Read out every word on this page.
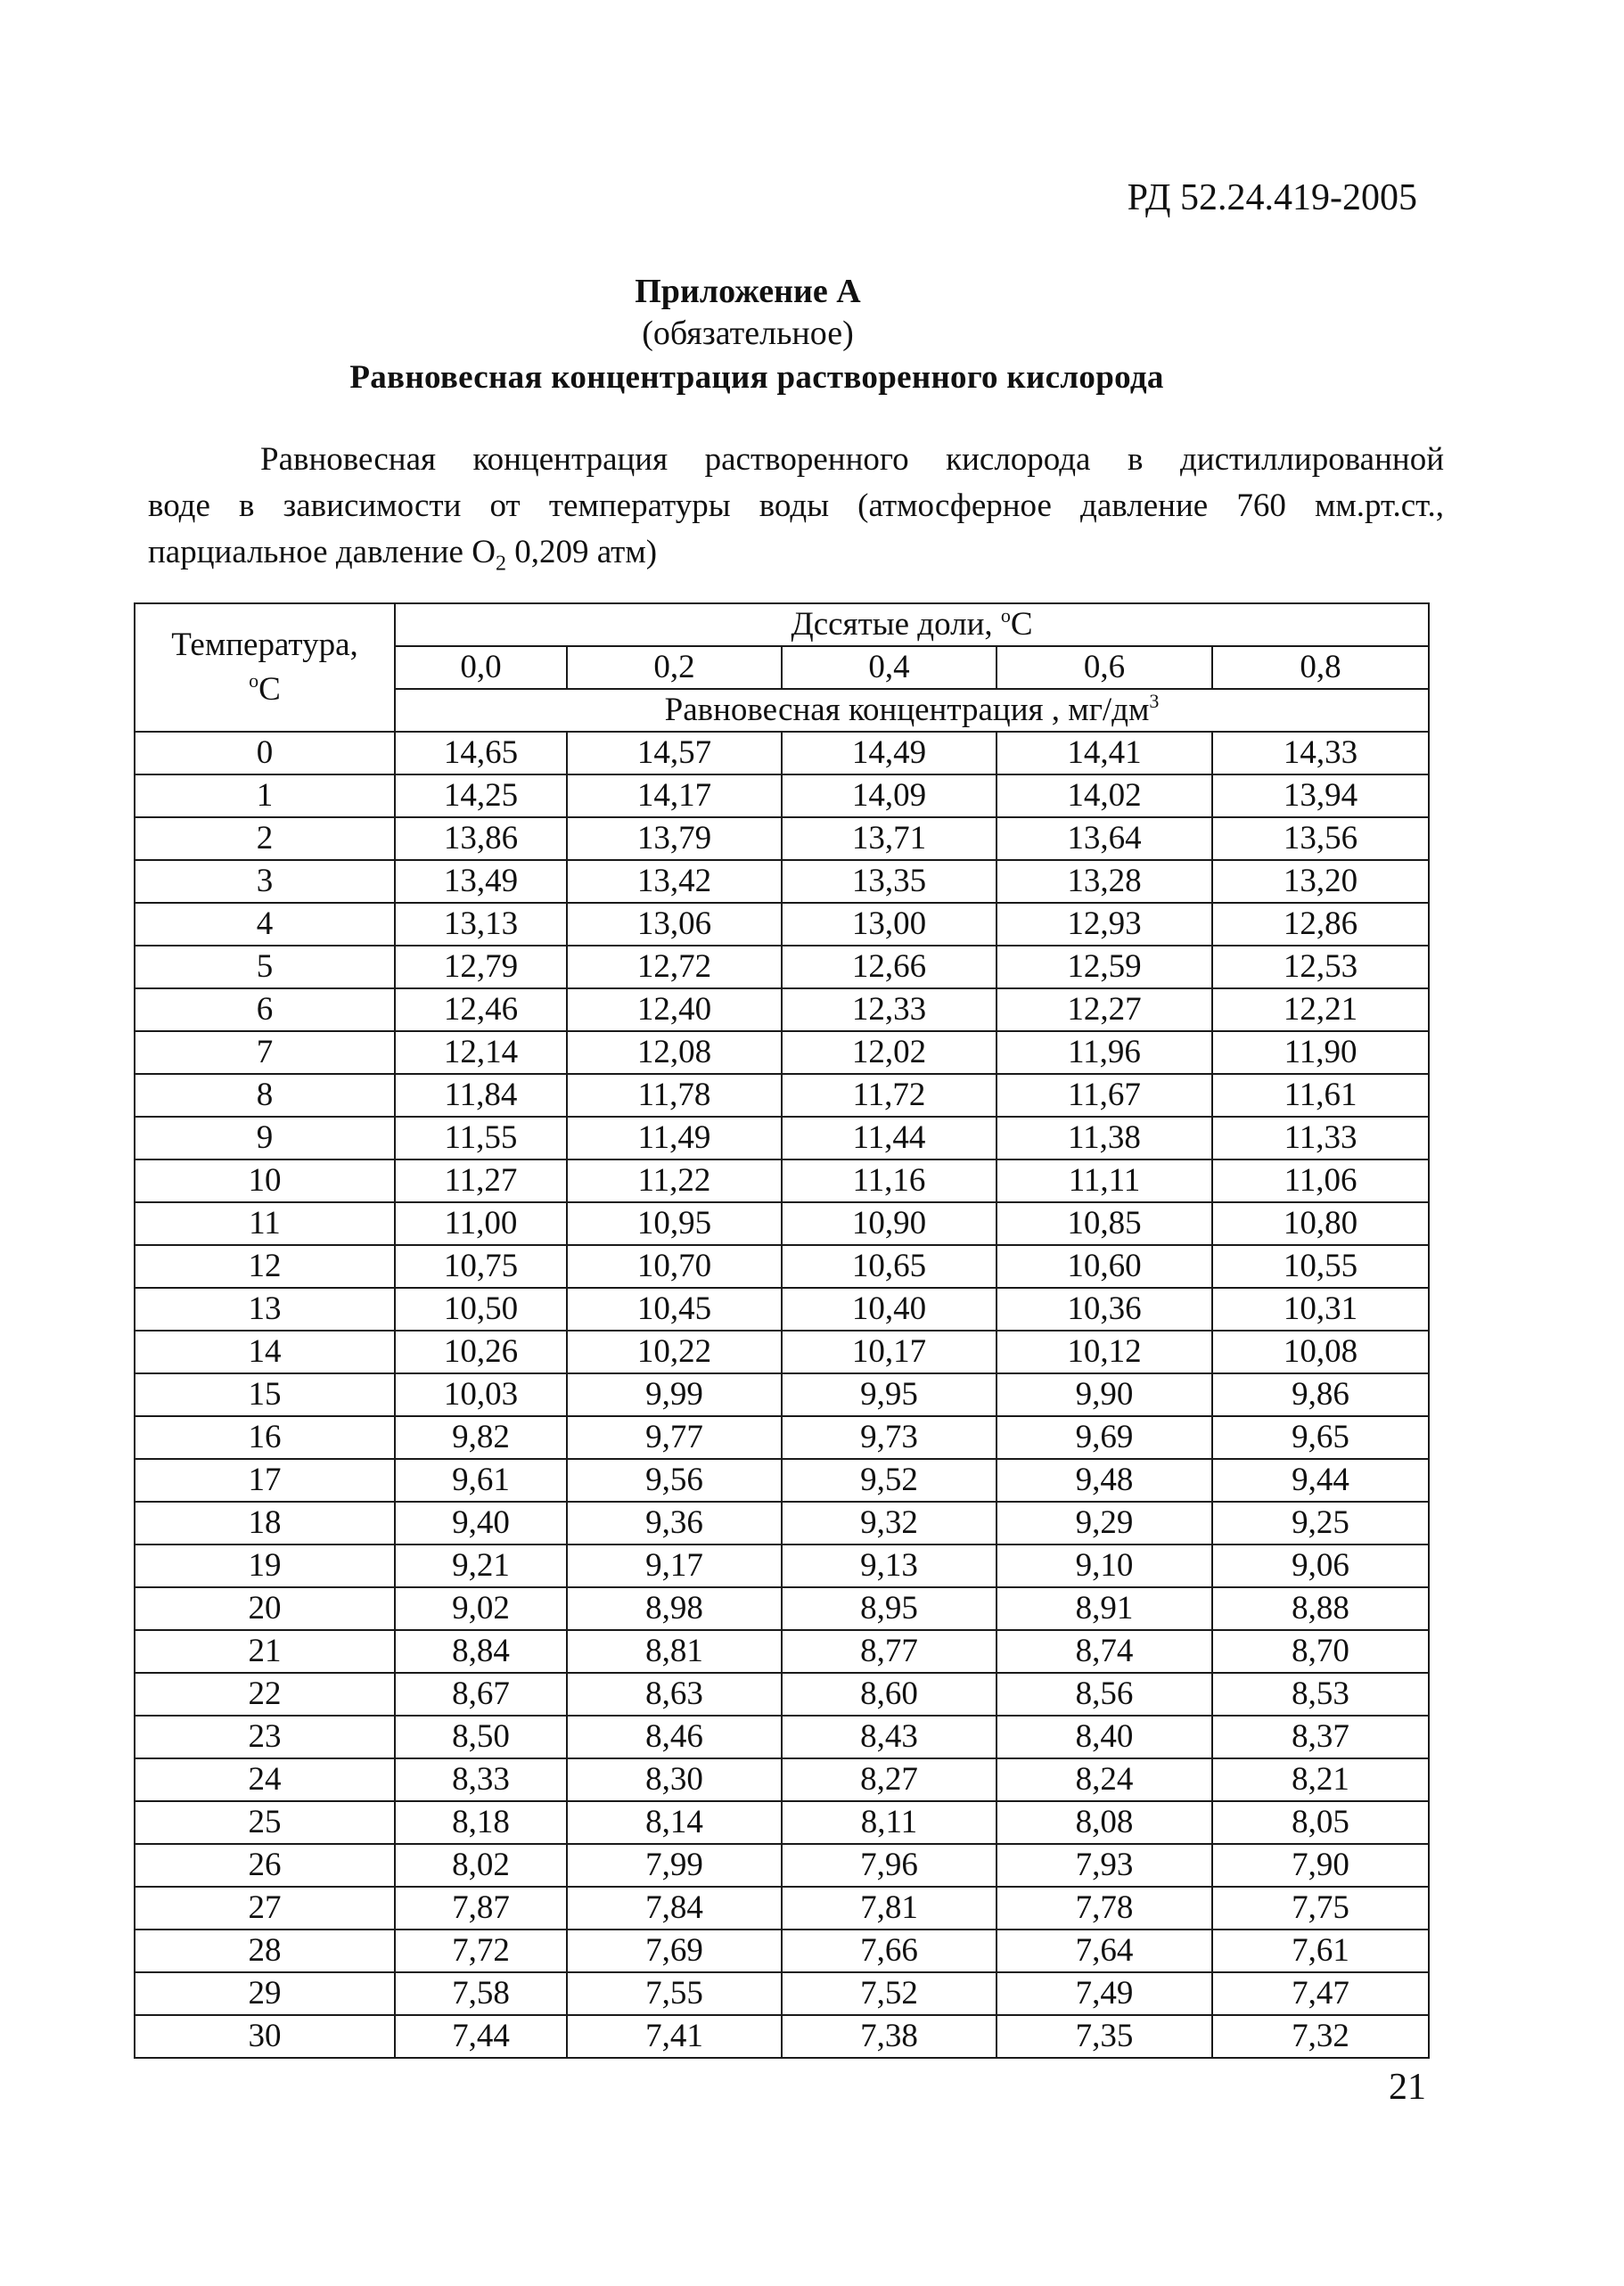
РД 52.24.419-2005
Приложение А
(обязательное)
Равновесная концентрация растворенного кислорода

Равновесная концентрация растворенного кислорода в дистиллированной

воде в зависимости от температуры воды (атмосферное давление 760 мм.рт.ст.,

парциальное давление $O_2$ 0,209 атм)

Температура,
$^o$C	Дссятые доли, $^o$C				
	0,0	0,2	0,4	0,6	0,8
	Равновесная концентрация , $мг/дм^3$
0	14,65	14,57	14,49	14,41	14,33
1	14,25	14,17	14,09	14,02	13,94
2	13,86	13,79	13,71	13,64	13,56
3	13,49	13,42	13,35	13,28	13,20
4	13,13	13,06	13,00	12,93	12,86
5	12,79	12,72	12,66	12,59	12,53
6	12,46	12,40	12,33	12,27	12,21
7	12,14	12,08	12,02	11,96	11,90
8	11,84	11,78	11,72	11,67	11,61
9	11,55	11,49	11,44	11,38	11,33
10	11,27	11,22	11,16	11,11	11,06
11	11,00	10,95	10,90	10,85	10,80
12	10,75	10,70	10,65	10,60	10,55
13	10,50	10,45	10,40	10,36	10,31
14	10,26	10,22	10,17	10,12	10,08
15	10,03	9,99	9,95	9,90	9,86
16	9,82	9,77	9,73	9,69	9,65
17	9,61	9,56	9,52	9,48	9,44
18	9,40	9,36	9,32	9,29	9,25
19	9,21	9,17	9,13	9,10	9,06
20	9,02	8,98	8,95	8,91	8,88
21	8,84	8,81	8,77	8,74	8,70
22	8,67	8,63	8,60	8,56	8,53
23	8,50	8,46	8,43	8,40	8,37
24	8,33	8,30	8,27	8,24	8,21
25	8,18	8,14	8,11	8,08	8,05
26	8,02	7,99	7,96	7,93	7,90
27	7,87	7,84	7,81	7,78	7,75
28	7,72	7,69	7,66	7,64	7,61
29	7,58	7,55	7,52	7,49	7,47
30	7,44	7,41	7,38	7,35	7,32
21
